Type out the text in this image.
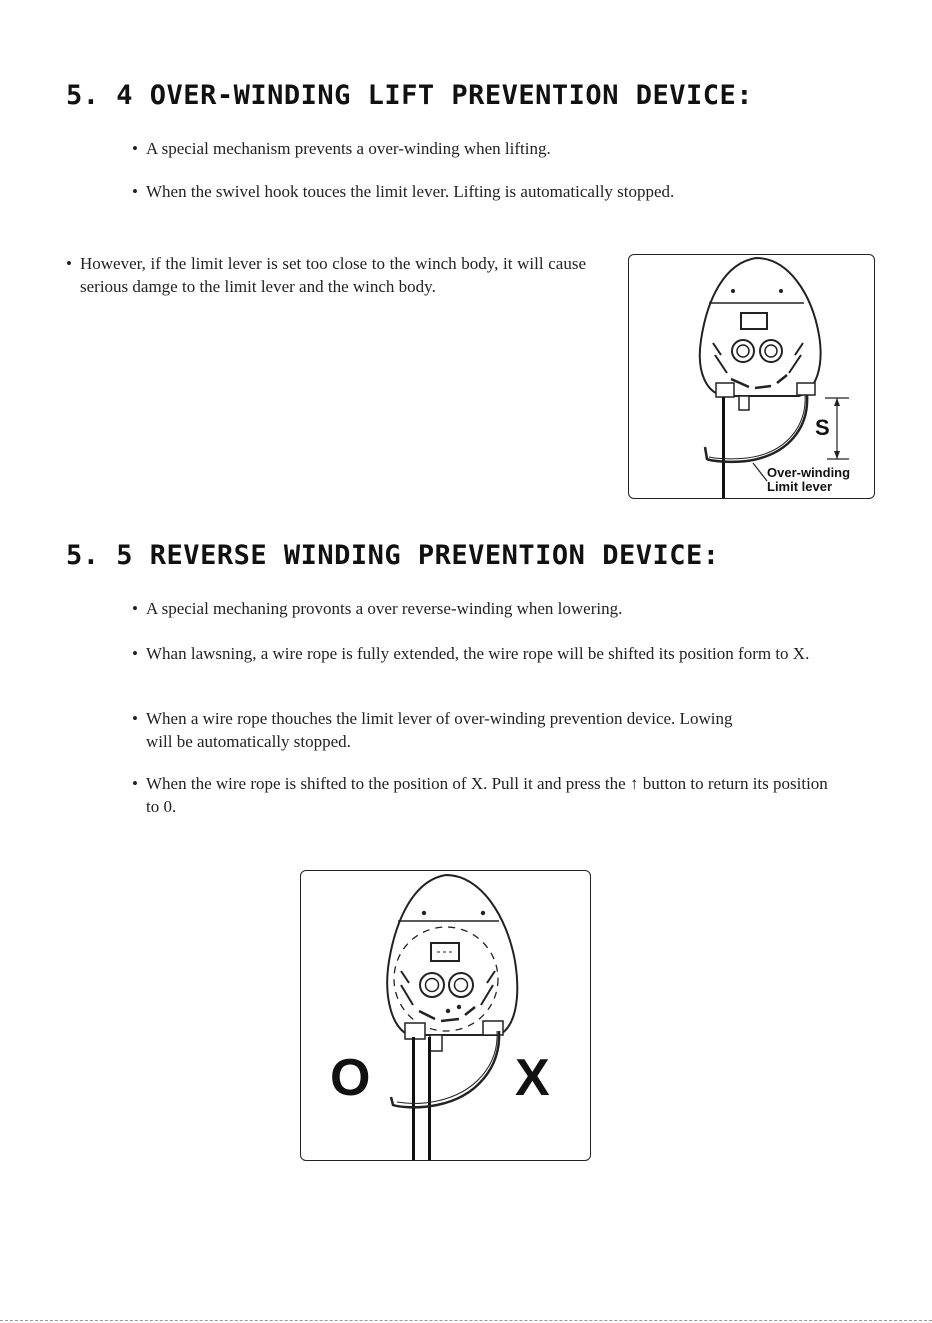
5. 4 OVER-WINDING LIFT PREVENTION DEVICE:
• A special mechanism prevents a over-winding when lifting.
• When the swivel hook touces the limit lever. Lifting is automatically stopped.
• However, if the limit lever is set too close to the winch body, it will cause serious damge to the limit lever and the winch body.
S
Over-winding
Limit lever
5. 5 REVERSE WINDING PREVENTION DEVICE:
• A special mechaning provonts a over reverse-winding when lowering.
• Whan lawsning, a wire rope is fully extended, the wire rope will be shifted its position form to X.
• When a wire rope thouches the limit lever of over-winding prevention device. Lowing will be automatically stopped.
• When the wire rope is shifted to the position of X. Pull it and press the ↑ button to return its position to 0.
O	X
